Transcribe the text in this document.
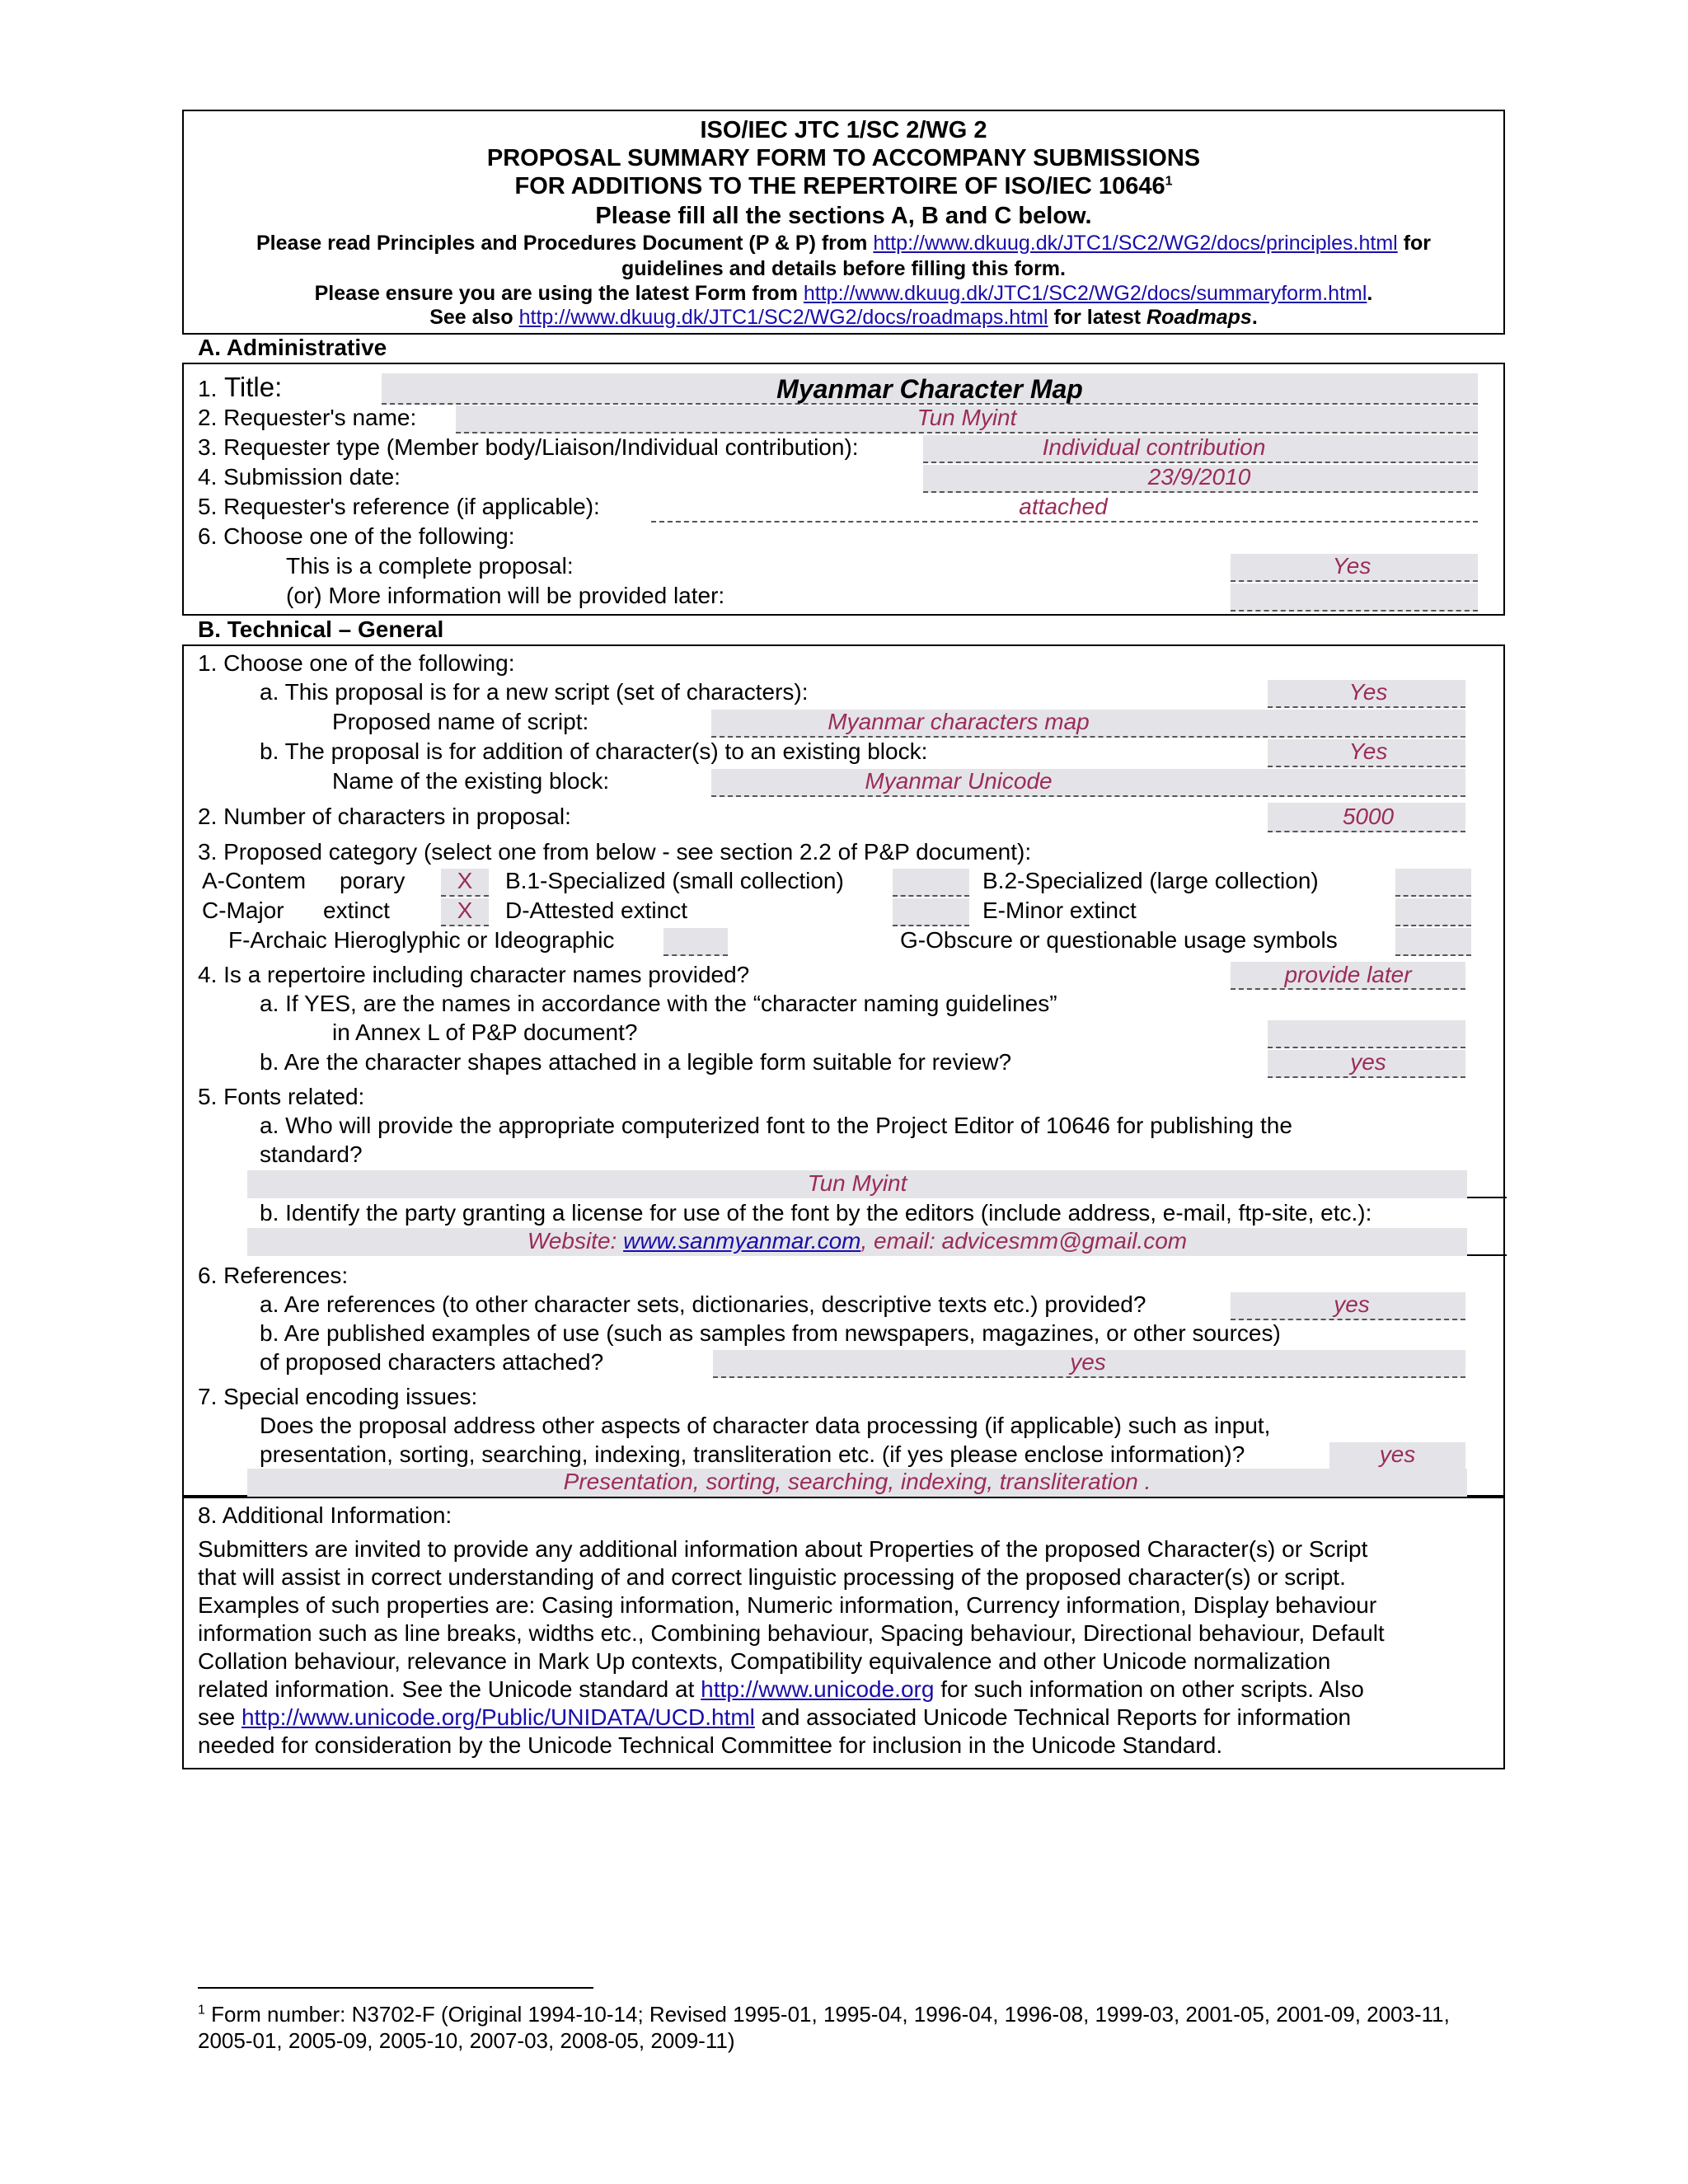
ISO/IEC JTC 1/SC 2/WG 2
PROPOSAL SUMMARY FORM TO ACCOMPANY SUBMISSIONS
FOR ADDITIONS TO THE REPERTOIRE OF ISO/IEC 10646$^1$
Please fill all the sections A, B and C below.
Please read Principles and Procedures Document (P & P) from http://www.dkuug.dk/JTC1/SC2/WG2/docs/principles.html for
guidelines and details before filling this form.
Please ensure you are using the latest Form from http://www.dkuug.dk/JTC1/SC2/WG2/docs/summaryform.html.
See also http://www.dkuug.dk/JTC1/SC2/WG2/docs/roadmaps.html for latest Roadmaps.
A. Administrative
1. Title:	Myanmar Character Map
2. Requester's name:	Tun Myint
3. Requester type (Member body/Liaison/Individual contribution):	Individual contribution
4. Submission date:	23/9/2010
5. Requester's reference (if applicable):	attached
6. Choose one of the following:
This is a complete proposal:	Yes
(or) More information will be provided later:
B. Technical – General
1. Choose one of the following:
a. This proposal is for a new script (set of characters):	Yes
Proposed name of script:	Myanmar characters map
b. The proposal is for addition of character(s) to an existing block:	Yes
Name of the existing block:	Myanmar Unicode
2. Number of characters in proposal:	5000
3. Proposed category (select one from below - see section 2.2 of P&P document):
A-Contem porary	X	B.1-Specialized (small collection)	B.2-Specialized (large collection)
C-Major extinct	X	D-Attested extinct	E-Minor extinct
F-Archaic Hieroglyphic or Ideographic	G-Obscure or questionable usage symbols
4. Is a repertoire including character names provided?	provide later
a. If YES, are the names in accordance with the “character naming guidelines”
in Annex L of P&P document?
b. Are the character shapes attached in a legible form suitable for review?	yes
5. Fonts related:
a. Who will provide the appropriate computerized font to the Project Editor of 10646 for publishing the
standard?
Tun Myint
b. Identify the party granting a license for use of the font by the editors (include address, e-mail, ftp-site, etc.):
Website: www.sanmyanmar.com, email: advicesmm@gmail.com
6. References:
a. Are references (to other character sets, dictionaries, descriptive texts etc.) provided?	yes
b. Are published examples of use (such as samples from newspapers, magazines, or other sources)
of proposed characters attached?	yes
7. Special encoding issues:
Does the proposal address other aspects of character data processing (if applicable) such as input,
presentation, sorting, searching, indexing, transliteration etc. (if yes please enclose information)?	yes
Presentation, sorting, searching, indexing, transliteration .
8. Additional Information:
Submitters are invited to provide any additional information about Properties of the proposed Character(s) or Script
that will assist in correct understanding of and correct linguistic processing of the proposed character(s) or script.
Examples of such properties are: Casing information, Numeric information, Currency information, Display behaviour
information such as line breaks, widths etc., Combining behaviour, Spacing behaviour, Directional behaviour, Default
Collation behaviour, relevance in Mark Up contexts, Compatibility equivalence and other Unicode normalization
related information. See the Unicode standard at http://www.unicode.org for such information on other scripts. Also
see http://www.unicode.org/Public/UNIDATA/UCD.html and associated Unicode Technical Reports for information
needed for consideration by the Unicode Technical Committee for inclusion in the Unicode Standard.
$^1$ Form number: N3702-F (Original 1994-10-14; Revised 1995-01, 1995-04, 1996-04, 1996-08, 1999-03, 2001-05, 2001-09, 2003-11,
2005-01, 2005-09, 2005-10, 2007-03, 2008-05, 2009-11)
